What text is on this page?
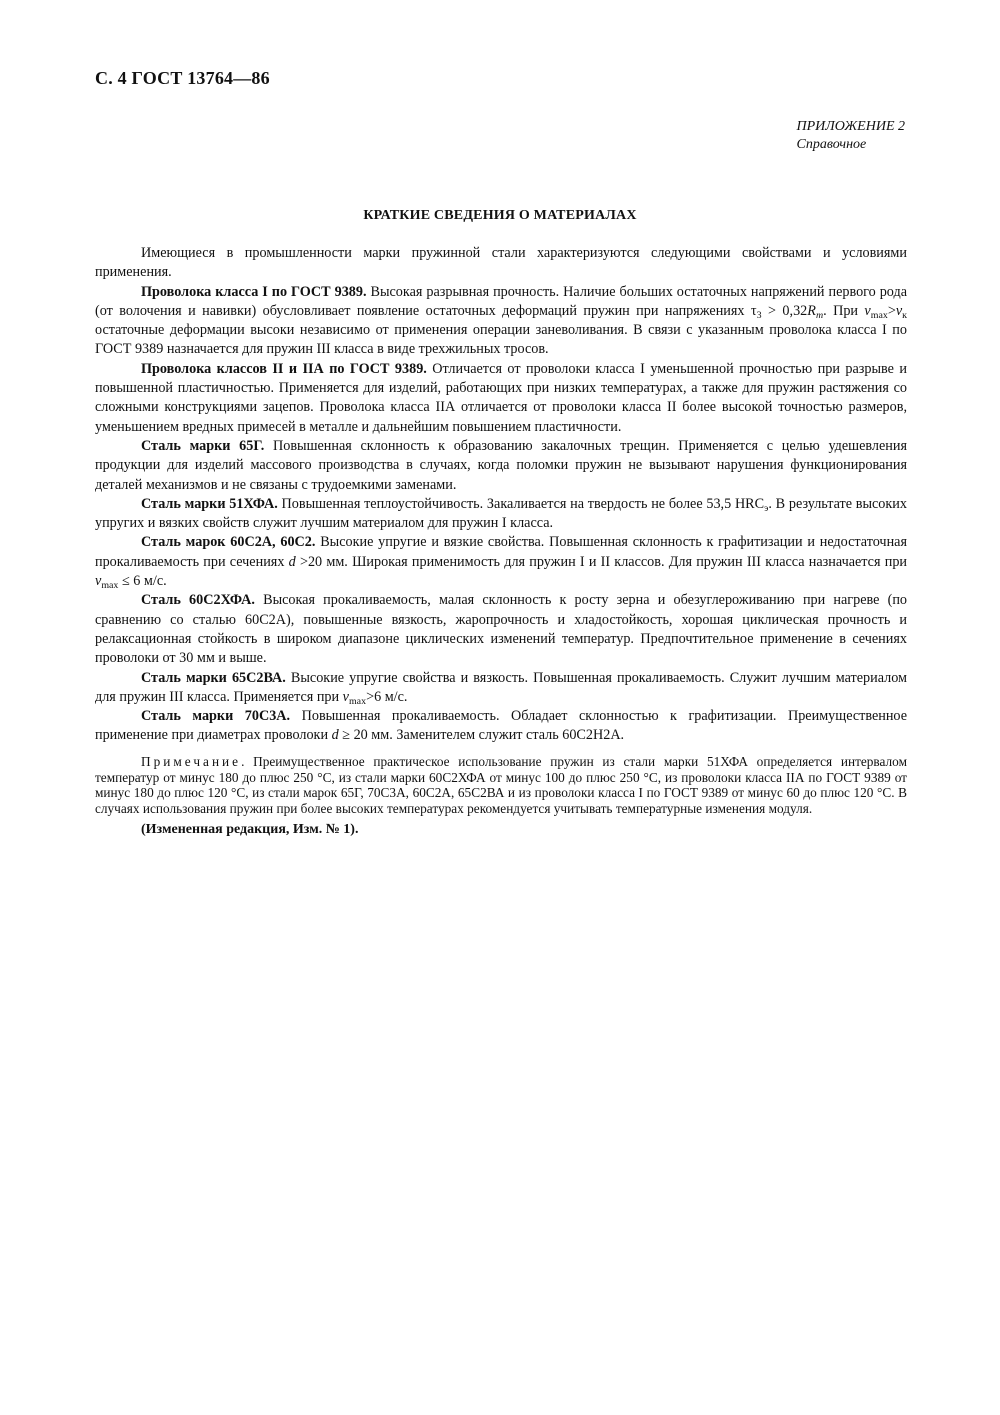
С. 4 ГОСТ 13764—86
ПРИЛОЖЕНИЕ 2
Справочное
КРАТКИЕ СВЕДЕНИЯ О МАТЕРИАЛАХ

Имеющиеся в промышленности марки пружинной стали характеризуются следующими свойствами и условиями применения.

Проволока класса I по ГОСТ 9389. Высокая разрывная прочность. Наличие больших остаточных напряжений первого рода (от волочения и навивки) обусловливает появление остаточных деформаций пружин при напряжениях $\tau_3 > 0,32R_m$. При $v_{max}>v_к$ остаточные деформации высоки независимо от применения операции заневоливания. В связи с указанным проволока класса I по ГОСТ 9389 назначается для пружин III класса в виде трехжильных тросов.

Проволока классов II и IIА по ГОСТ 9389. Отличается от проволоки класса I уменьшенной прочностью при разрыве и повышенной пластичностью. Применяется для изделий, работающих при низких температурах, а также для пружин растяжения со сложными конструкциями зацепов. Проволока класса IIА отличается от проволоки класса II более высокой точностью размеров, уменьшением вредных примесей в металле и дальнейшим повышением пластичности.

Сталь марки 65Г. Повышенная склонность к образованию закалочных трещин. Применяется с целью удешевления продукции для изделий массового производства в случаях, когда поломки пружин не вызывают нарушения функционирования деталей механизмов и не связаны с трудоемкими заменами.

Сталь марки 51ХФА. Повышенная теплоустойчивость. Закаливается на твердость не более 53,5 $HRC_э$. В результате высоких упругих и вязких свойств служит лучшим материалом для пружин I класса.

Сталь марок 60С2А, 60С2. Высокие упругие и вязкие свойства. Повышенная склонность к графитизации и недостаточная прокаливаемость при сечениях d >20 мм. Широкая применимость для пружин I и II классов. Для пружин III класса назначается при $v_{max} \le 6$ м/с.

Сталь 60С2ХФА. Высокая прокаливаемость, малая склонность к росту зерна и обезуглероживанию при нагреве (по сравнению со сталью 60С2А), повышенные вязкость, жаропрочность и хладостойкость, хорошая циклическая прочность и релаксационная стойкость в широком диапазоне циклических изменений температур. Предпочтительное применение в сечениях проволоки от 30 мм и выше.

Сталь марки 65С2ВА. Высокие упругие свойства и вязкость. Повышенная прокаливаемость. Служит лучшим материалом для пружин III класса. Применяется при $v_{max}>6$ м/с.

Сталь марки 70С3А. Повышенная прокаливаемость. Обладает склонностью к графитизации. Преимущественное применение при диаметрах проволоки d ≥ 20 мм. Заменителем служит сталь 60С2Н2А.

Примечание. Преимущественное практическое использование пружин из стали марки 51ХФА определяется интервалом температур от минус 180 до плюс 250 °С, из стали марки 60С2ХФА от минус 100 до плюс 250 °С, из проволоки класса IIА по ГОСТ 9389 от минус 180 до плюс 120 °С, из стали марок 65Г, 70С3А, 60С2А, 65С2ВА и из проволоки класса I по ГОСТ 9389 от минус 60 до плюс 120 °С. В случаях использования пружин при более высоких температурах рекомендуется учитывать температурные изменения модуля.

(Измененная редакция, Изм. № 1).
